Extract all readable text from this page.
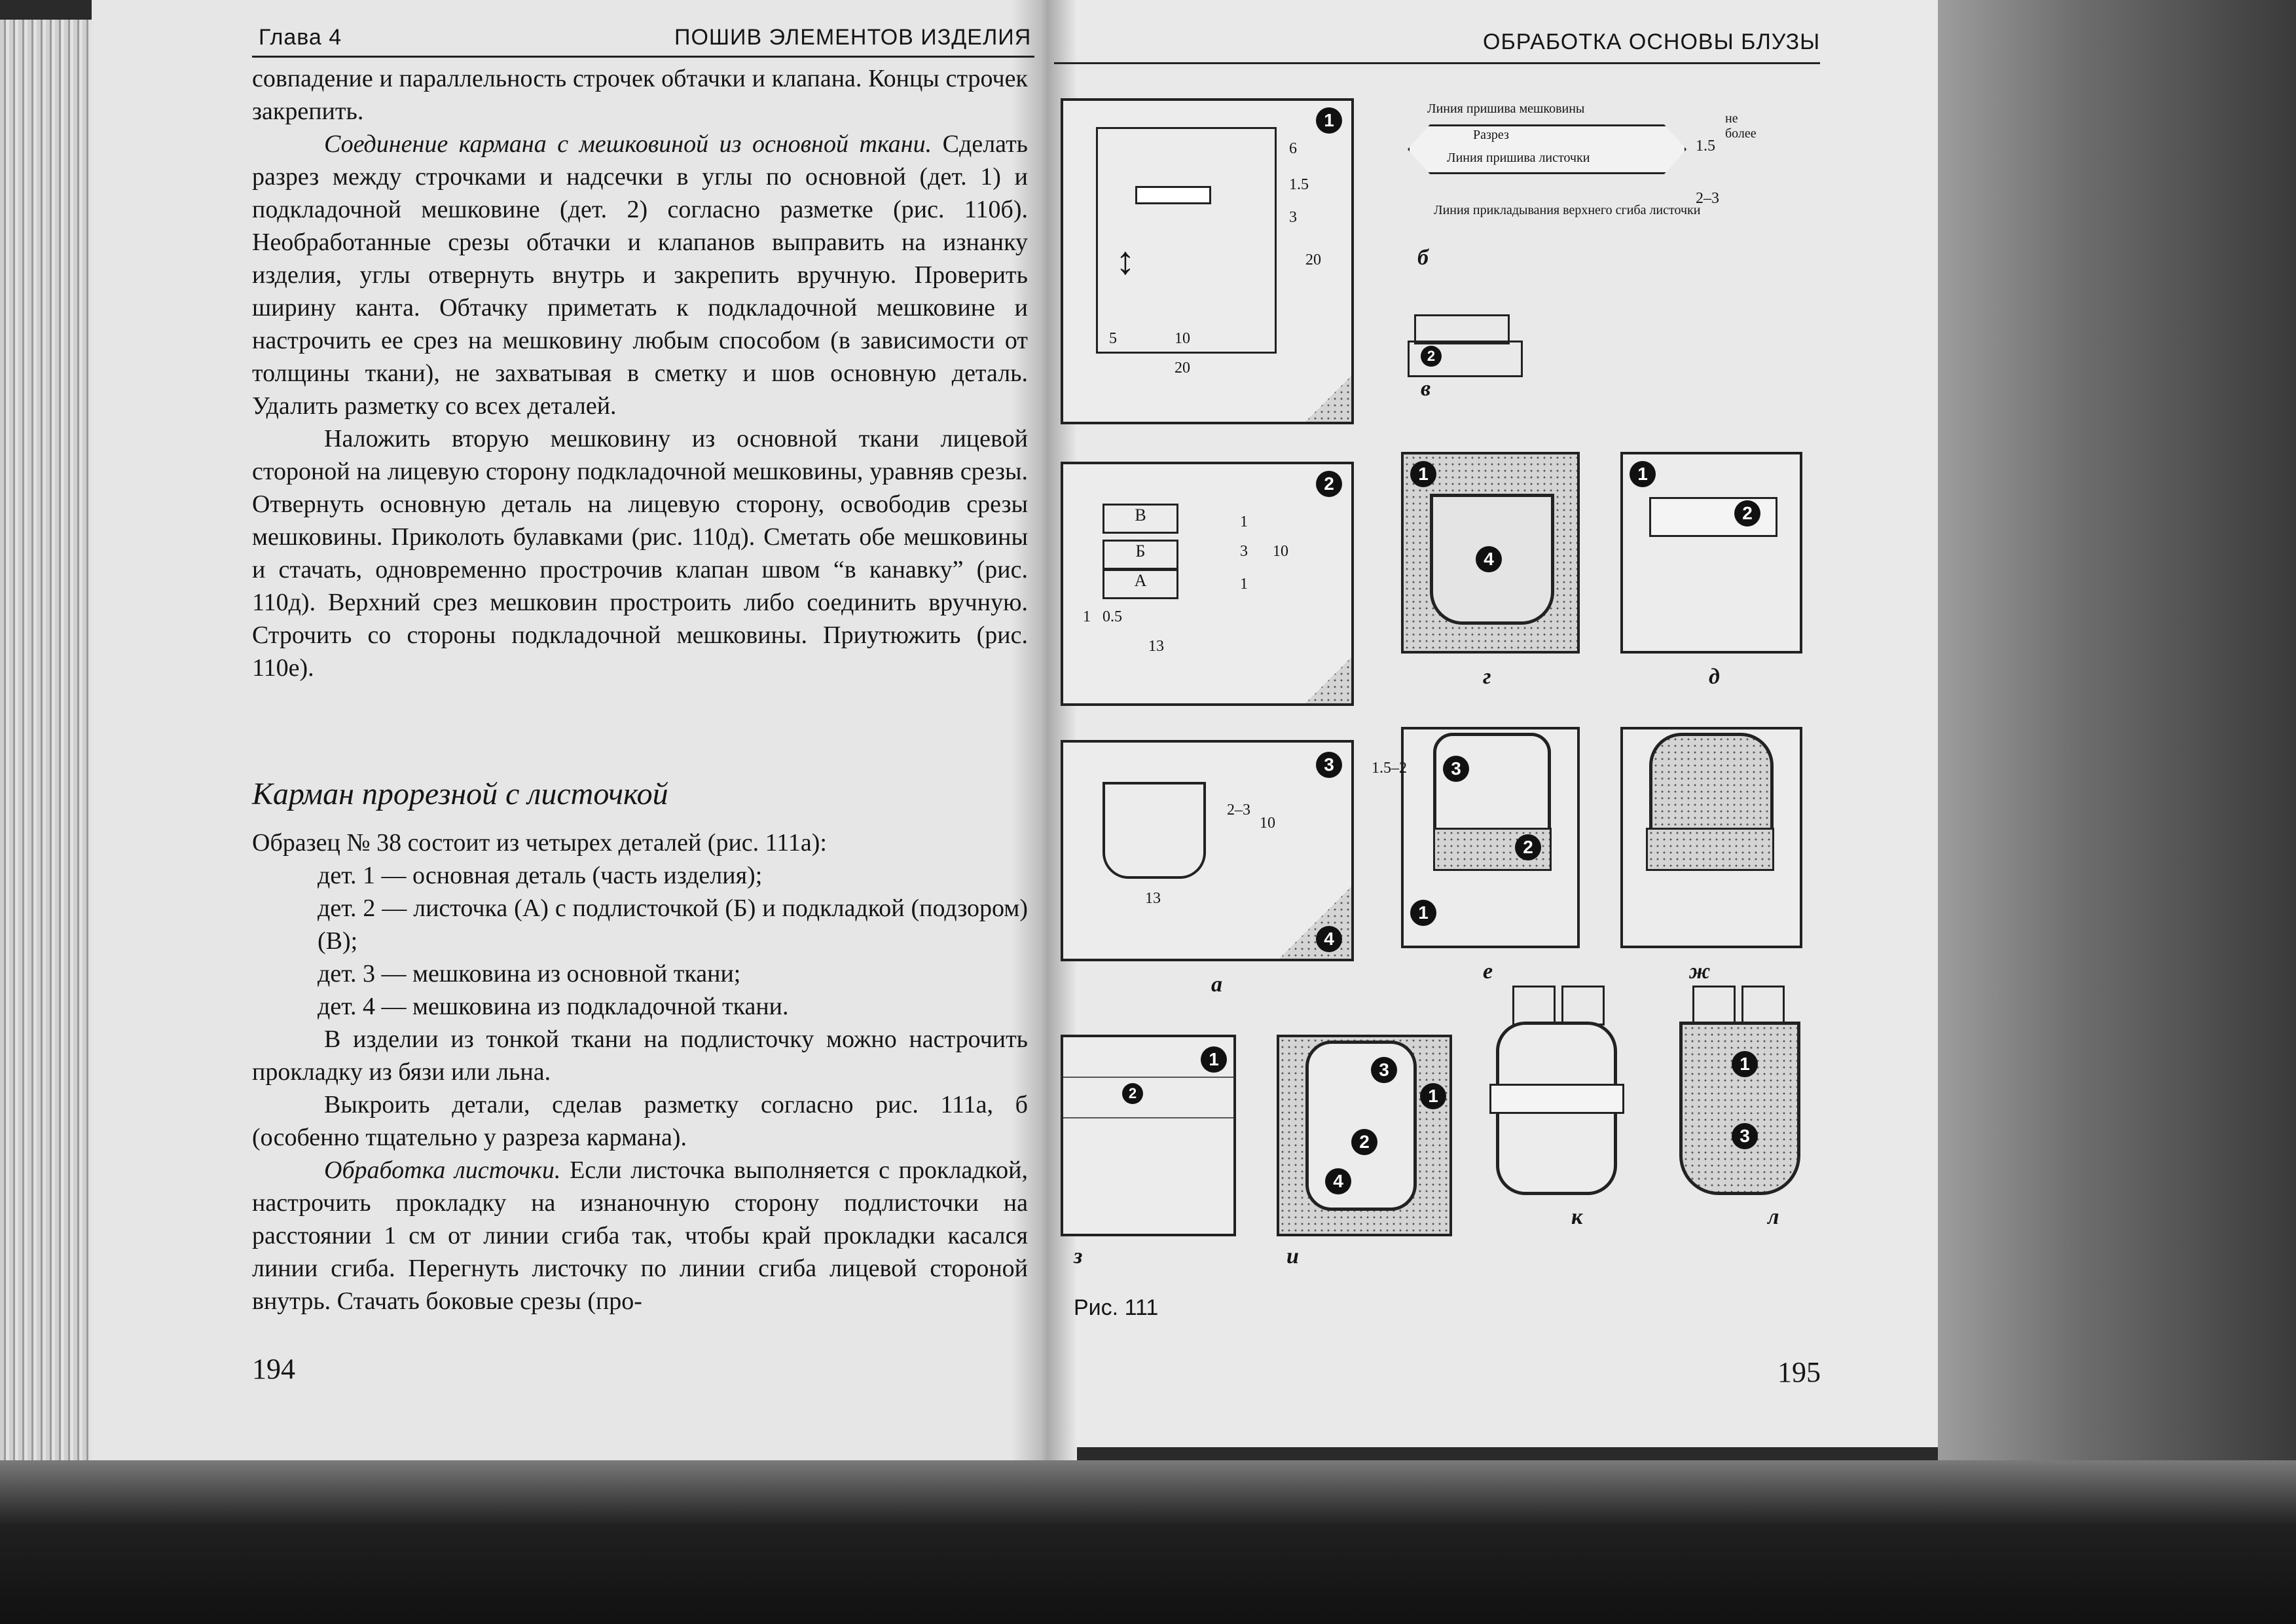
Глава 4	ПОШИВ ЭЛЕМЕНТОВ ИЗДЕЛИЯ

совпадение и параллельность строчек обтачки и клапана. Концы строчек закрепить.

Соединение кармана с мешковиной из основной ткани. Сделать разрез между строчками и надсечки в углы по основной (дет. 1) и подкладочной мешковине (дет. 2) согласно разметке (рис. 110б). Необработанные срезы обтачки и клапанов выправить на изнанку изделия, углы отвернуть внутрь и закрепить вручную. Проверить ширину канта. Обтачку приметать к подкладочной мешковине и настрочить ее срез на мешковину любым способом (в зависимости от толщины ткани), не захватывая в сметку и шов основную деталь. Удалить разметку со всех деталей.

Наложить вторую мешковину из основной ткани лицевой стороной на лицевую сторону подкладочной мешковины, уравняв срезы. Отвернуть основную деталь на лицевую сторону, освободив срезы мешковины. Приколоть булавками (рис. 110д). Сметать обе мешковины и стачать, одновременно прострочив клапан швом “в канавку” (рис. 110д). Верхний срез мешковин простроить либо соединить вручную. Строчить со стороны подкладочной мешковины. Приутюжить (рис. 110е).

Карман прорезной с листочкой

Образец № 38 состоит из четырех деталей (рис. 111а):

дет. 1 — основная деталь (часть изделия);

дет. 2 — листочка (А) с подлисточкой (Б) и подкладкой (подзором) (В);

дет. 3 — мешковина из основной ткани;

дет. 4 — мешковина из подкладочной ткани.

В изделии из тонкой ткани на подлисточку можно настрочить прокладку из бязи или льна.

Выкроить детали, сделав разметку согласно рис. 111а, б (особенно тщательно у разреза кармана).

Обработка листочки. Если листочка выполняется с прокладкой, настрочить прокладку на изнаночную сторону подлисточки на расстоянии 1 см от линии сгиба так, чтобы край прокладки касался линии сгиба. Перегнуть листочку по линии сгиба лицевой стороной внутрь. Стачать боковые срезы (про-

194
ОБРАБОТКА ОСНОВЫ БЛУЗЫ
1
↕
6
1.5
3
20
10
5
20
Линия пришива мешковины
Разрез
Линия пришива листочки
Линия прикладывания верхнего сгиба листочки
1.5
2–3
не более
б
2
в
2
В
Б
А
1
3
1
10
1 0.5
13
1
4
г
1
2
д
3
2–3
10
13
4
а
3
2
1
1.5–2
е	ж
1
2
з
3
1
2
4
и
к
1
3
л
Рис. 111
195
